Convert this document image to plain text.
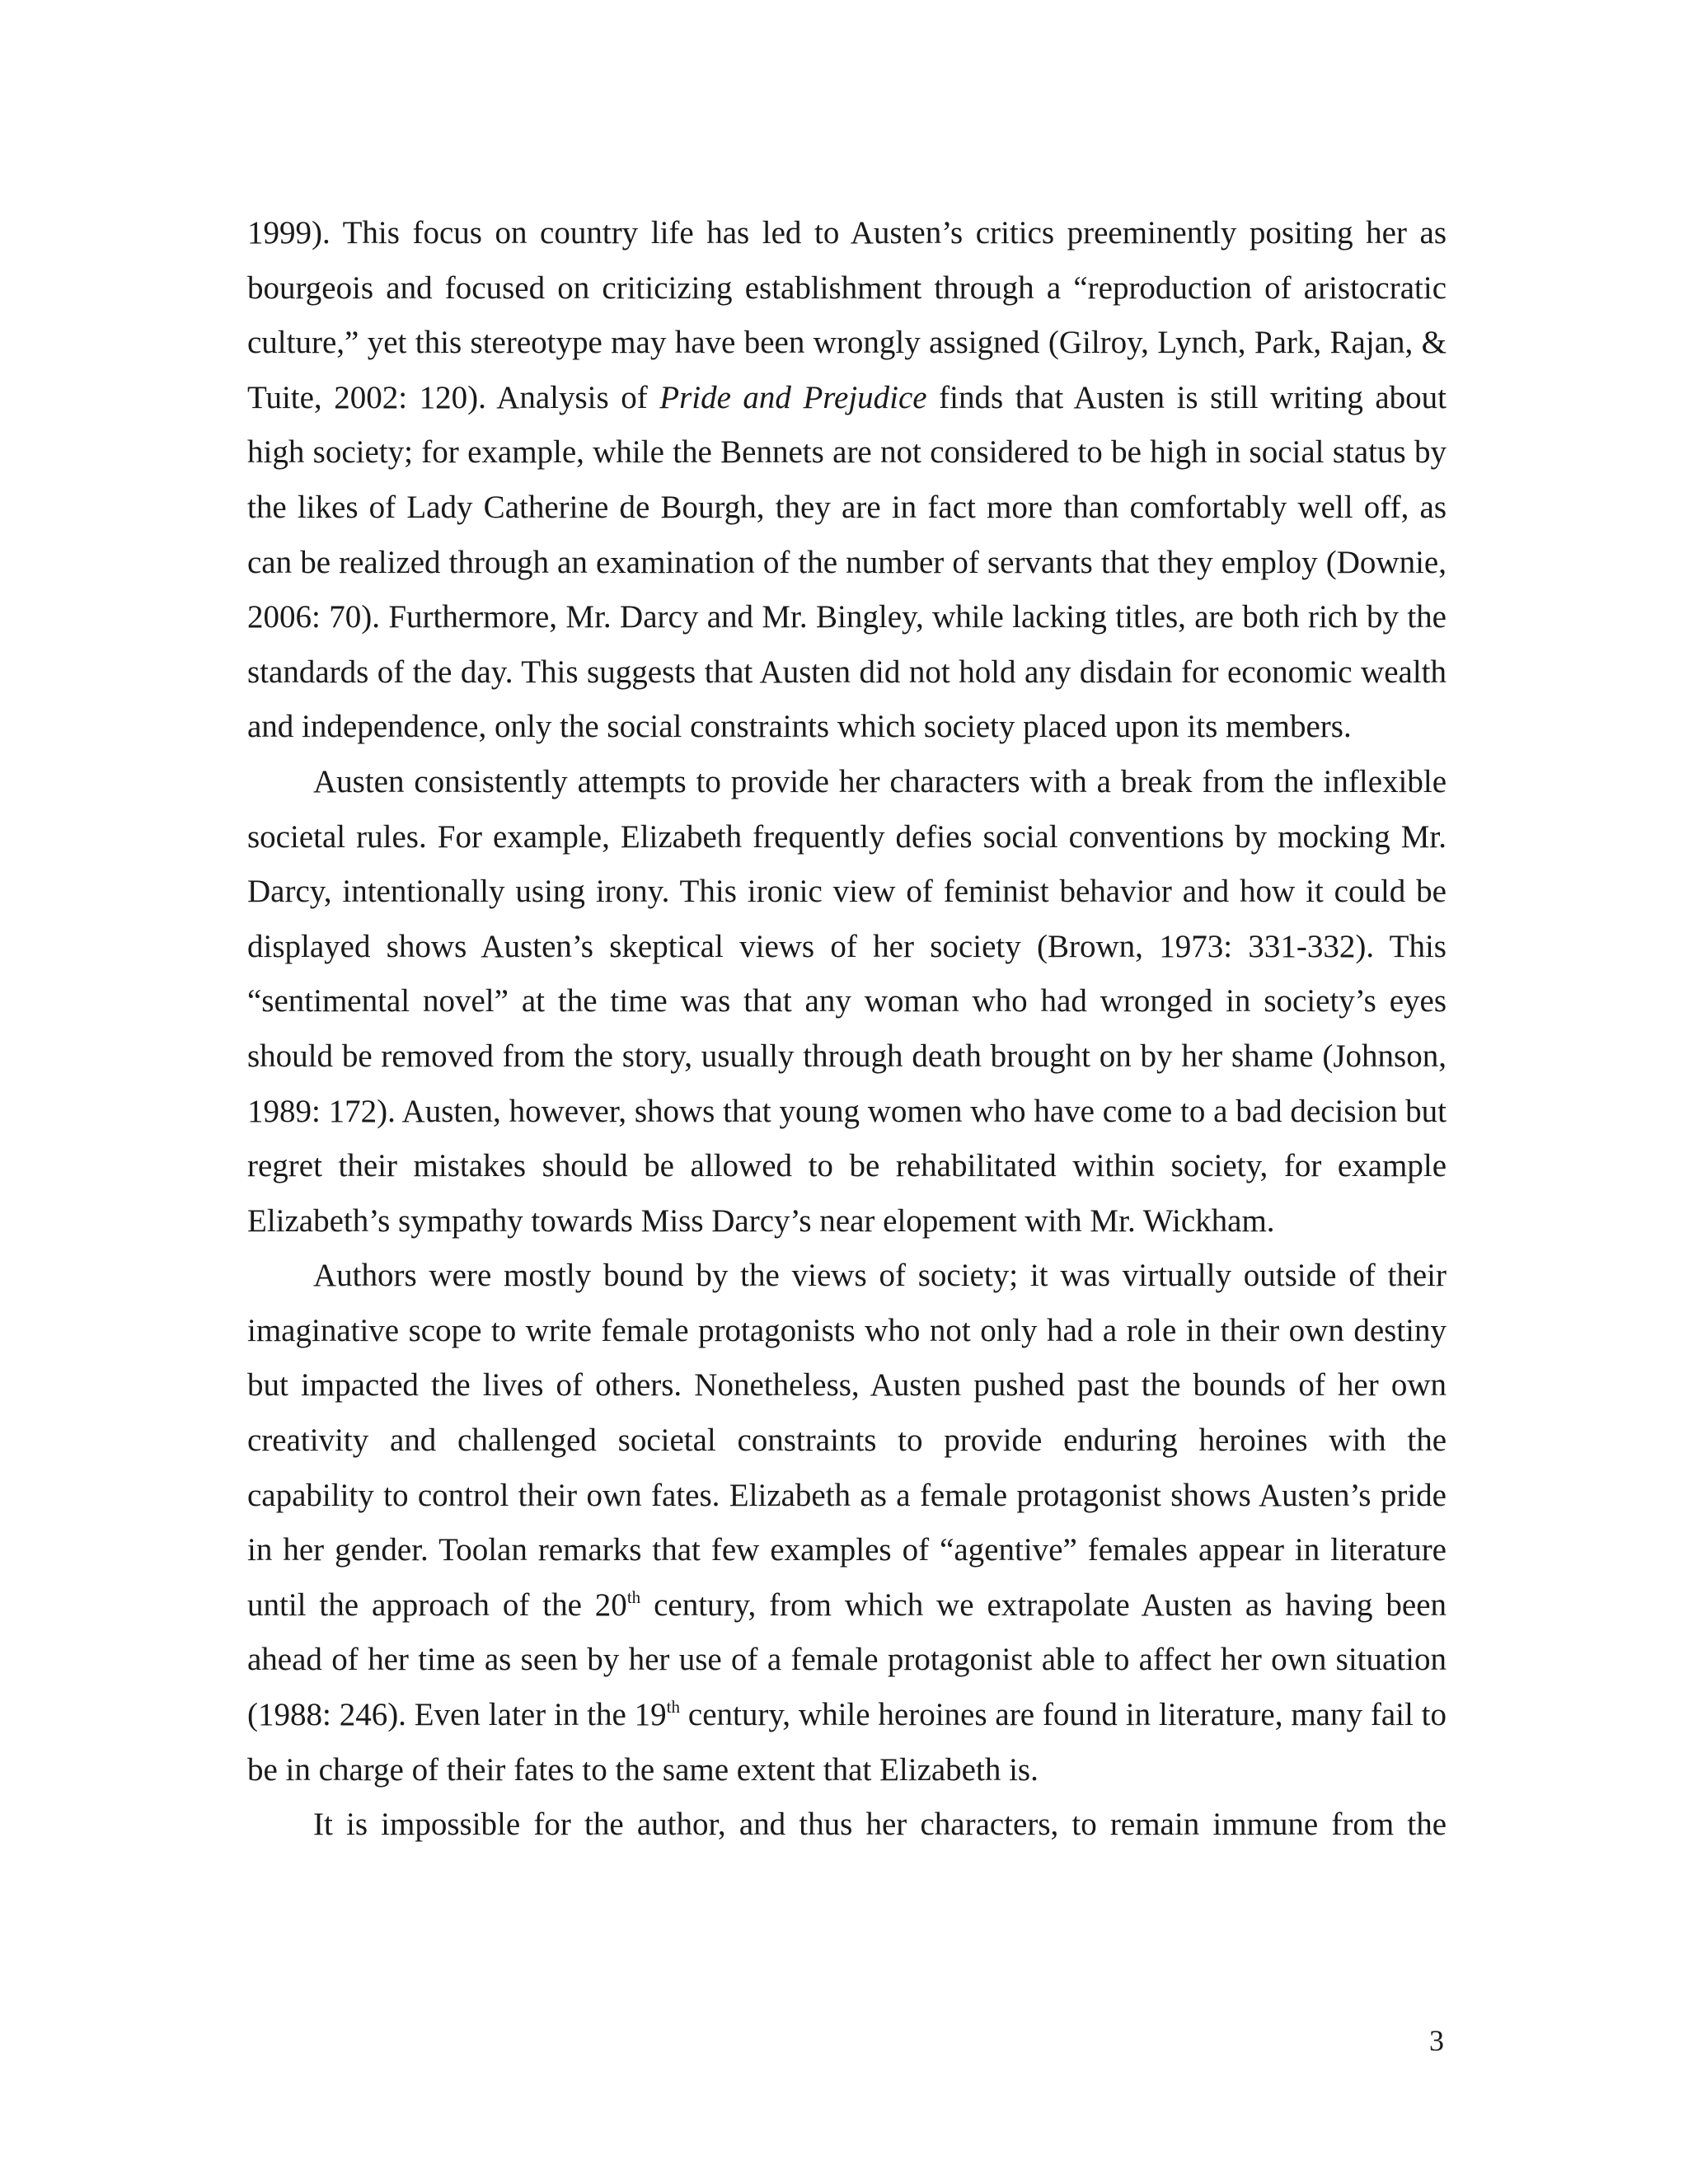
1999). This focus on country life has led to Austen’s critics preeminently positing her as bourgeois and focused on criticizing establishment through a “reproduction of aristocratic culture,” yet this stereotype may have been wrongly assigned (Gilroy, Lynch, Park, Rajan, & Tuite, 2002: 120). Analysis of Pride and Prejudice finds that Austen is still writing about high society; for example, while the Bennets are not considered to be high in social status by the likes of Lady Catherine de Bourgh, they are in fact more than comfortably well off, as can be realized through an examination of the number of servants that they employ (Downie, 2006: 70). Furthermore, Mr. Darcy and Mr. Bingley, while lacking titles, are both rich by the standards of the day. This suggests that Austen did not hold any disdain for economic wealth and independence, only the social constraints which society placed upon its members.

Austen consistently attempts to provide her characters with a break from the inflexible societal rules. For example, Elizabeth frequently defies social conventions by mocking Mr. Darcy, intentionally using irony. This ironic view of feminist behavior and how it could be displayed shows Austen’s skeptical views of her society (Brown, 1973: 331-332). This “sentimental novel” at the time was that any woman who had wronged in society’s eyes should be removed from the story, usually through death brought on by her shame (Johnson, 1989: 172). Austen, however, shows that young women who have come to a bad decision but regret their mistakes should be allowed to be rehabilitated within society, for example Elizabeth’s sympathy towards Miss Darcy’s near elopement with Mr. Wickham.

Authors were mostly bound by the views of society; it was virtually outside of their imaginative scope to write female protagonists who not only had a role in their own destiny but impacted the lives of others. Nonetheless, Austen pushed past the bounds of her own creativity and challenged societal constraints to provide enduring heroines with the capability to control their own fates. Elizabeth as a female protagonist shows Austen’s pride in her gender. Toolan remarks that few examples of “agentive” females appear in literature until the approach of the 20th century, from which we extrapolate Austen as having been ahead of her time as seen by her use of a female protagonist able to affect her own situation (1988: 246). Even later in the 19th century, while heroines are found in literature, many fail to be in charge of their fates to the same extent that Elizabeth is.

It is impossible for the author, and thus her characters, to remain immune from the

3
